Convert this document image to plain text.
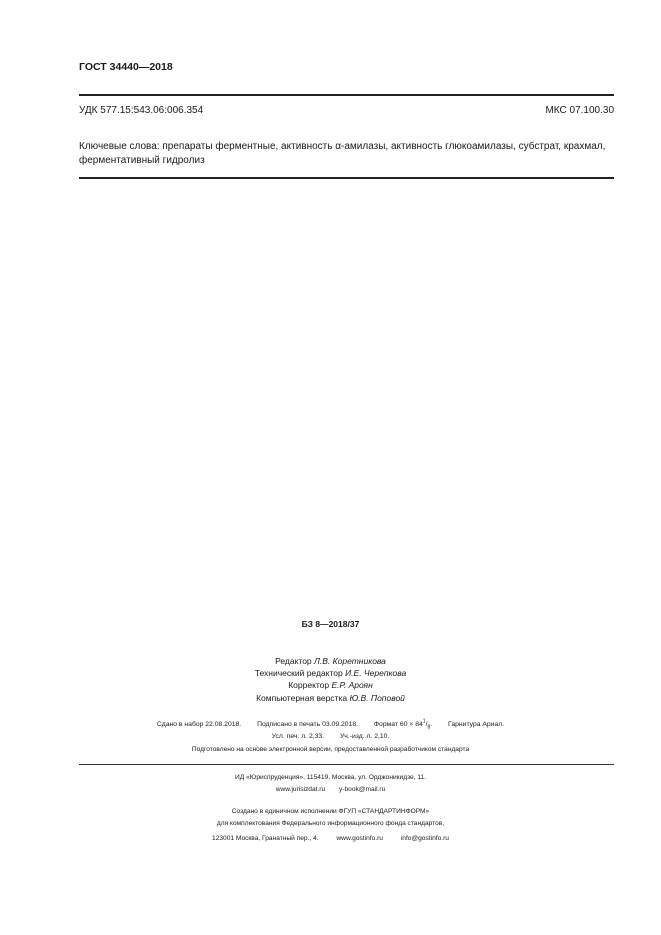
ГОСТ 34440—2018
УДК 577.15:543.06:006.354	МКС 07.100.30
Ключевые слова: препараты ферментные, активность α-амилазы, активность глюкоамилазы, субстрат, крахмал, ферментативный гидролиз
БЗ 8—2018/37
Редактор Л.В. Коретникова
Технический редактор И.Е. Черепкова
Корректор Е.Р. Ароян
Компьютерная верстка Ю.В. Поповой
Сдано в набор 22.08.2018. Подписано в печать 03.09.2018. Формат $60 \times 84^1/_8$. Гарнитура Ариал.
Усл. печ. л. 2,33. Уч.-изд. л. 2,10.
Подготовлено на основе электронной версии, предоставленной разработчиком стандарта
ИД «Юриспруденция», 115419, Москва, ул. Орджоникидзе, 11.
www.jurisizdat.ru y-book@mail.ru
Создано в единичном исполнении ФГУП «СТАНДАРТИНФОРМ»
для комплектования Федерального информационного фонда стандартов,
123001 Москва, Гранатный пер., 4.	www.gostinfo.ru	info@gostinfo.ru
